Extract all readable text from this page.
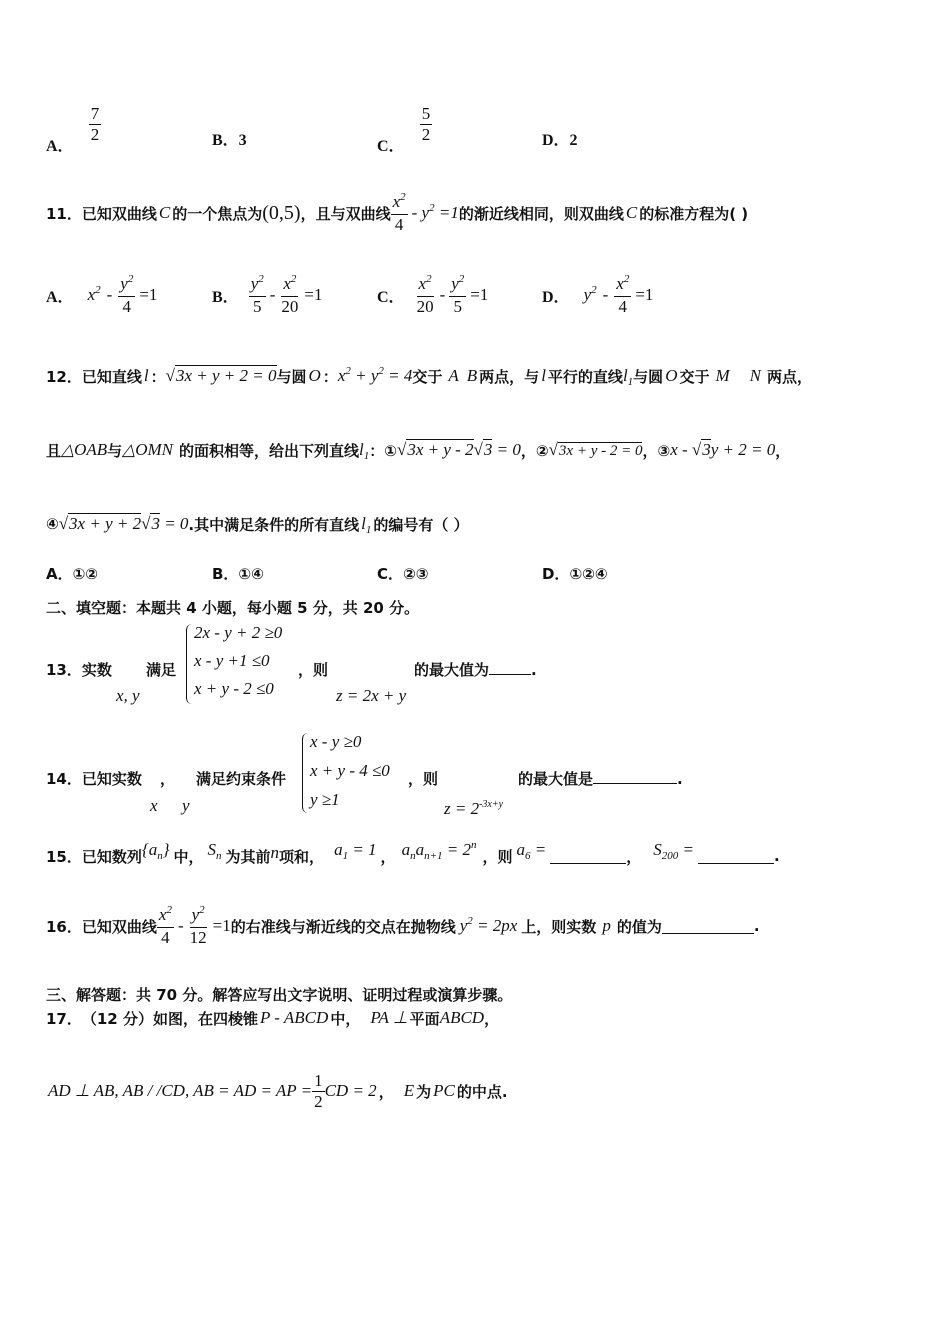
A．
$\frac{7}{2}$	B．3	C．
$\frac{5}{2}$	D．2
11． 已知双曲线 C 的一个焦点为 (0,5) ，且与双曲线 $\frac{x^2}{4} - y^2 =1$ 的渐近线相同，则双曲线 C 的标准方程为( )
A． $x^2 - \frac{y^2}{4} =1$	B． $\frac{y^2}{5} - \frac{x^2}{20} =1$	C． $\frac{x^2}{20} - \frac{y^2}{5} =1$	D． $y^2 - \frac{x^2}{4} =1$
12． 已知直线 l ： √3x + y + 2 = 0 与圆 O ： $x^2 + y^2 = 4$ 交于 A B 两点，与 l 平行的直线 $l_1$ 与圆 O 交于 M N 两点，
且 △OAB 与 △OMN 的面积相等，给出下列直线 $l_1$ ：① √3x + y - 2√3 = 0 ，② √3x + y - 2 = 0 ，③ x - √3y + 2 = 0 ，
④ √3x + y + 2√3 = 0 .其中满足条件的所有直线 $l_1$ 的编号有（ ）
A．①②	B．①④	C．②③	D．①②④
二、填空题：本题共 4 小题，每小题 5 分，共 20 分。
13．实数 满足
x, y
2x - y + 2 ≥0
x - y +1 ≤0
x + y - 2 ≤0
，则
z = 2x + y
的最大值为	.
14．已知实数 ， 满足约束条件
x y
x - y ≥0
x + y - 4 ≤0
y ≥1
，则
$z = 2^{-3x+y}$
的最大值是	.
15． 已知数列 $\{a_n\}$ 中， $S_n$ 为其前 n 项和， $a_1 = 1$ ， $a_na_{n+1} = 2^n$
，则 $a_6$ =	， $S_{200}$ =	.
16． 已知双曲线 $\frac{x^2}{4} - \frac{y^2}{12} =1$ 的右准线与渐近线的交点在抛物线 $y^2 = 2px$ 上，则实数 p 的值为	.
三、解答题：共 70 分。解答应写出文字说明、证明过程或演算步骤。
17． （12 分）如图，在四棱锥 P - ABCD 中， PA ⊥ 平面 ABCD ，
AD ⊥ AB, AB / /CD, AB = AD = AP = $\frac{1}{2}$ CD = 2 ， E 为 PC 的中点.
